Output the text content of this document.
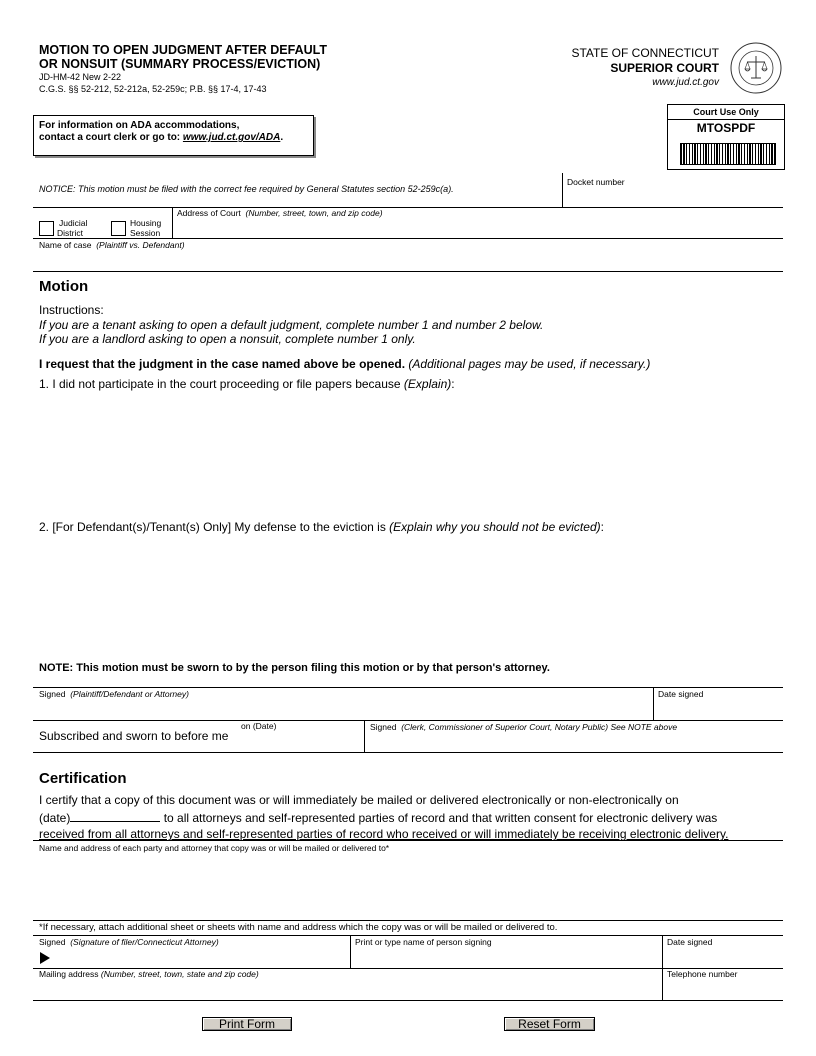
MOTION TO OPEN JUDGMENT AFTER DEFAULT
OR NONSUIT (SUMMARY PROCESS/EVICTION)
JD-HM-42 New 2-22
C.G.S. §§ 52-212, 52-212a, 52-259c; P.B. §§ 17-4, 17-43
STATE OF CONNECTICUT
SUPERIOR COURT
www.jud.ct.gov
Court Use Only
MTOSPDF
For information on ADA accommodations,
contact a court clerk or go to: www.jud.ct.gov/ADA.
NOTICE: This motion must be filed with the correct fee required by General Statutes section 52-259c(a).
Docket number
Judicial
District
Housing
Session
Address of Court (Number, street, town, and zip code)
Name of case (Plaintiff vs. Defendant)
Motion
Instructions:
If you are a tenant asking to open a default judgment, complete number 1 and number 2 below.
If you are a landlord asking to open a nonsuit, complete number 1 only.
I request that the judgment in the case named above be opened. (Additional pages may be used, if necessary.)
1. I did not participate in the court proceeding or file papers because (Explain):
2. [For Defendant(s)/Tenant(s) Only] My defense to the eviction is (Explain why you should not be evicted):
NOTE: This motion must be sworn to by the person filing this motion or by that person's attorney.
Signed (Plaintiff/Defendant or Attorney)	Date signed
Subscribed and sworn to before me
on (Date)	Signed (Clerk, Commissioner of Superior Court, Notary Public) See NOTE above
Certification
I certify that a copy of this document was or will immediately be mailed or delivered electronically or non-electronically on
(date)	to all attorneys and self-represented parties of record and that written consent for electronic delivery was
received from all attorneys and self-represented parties of record who received or will immediately be receiving electronic delivery.
Name and address of each party and attorney that copy was or will be mailed or delivered to*
*If necessary, attach additional sheet or sheets with name and address which the copy was or will be mailed or delivered to.
Signed (Signature of filer/Connecticut Attorney)	Print or type name of person signing	Date signed
Mailing address (Number, street, town, state and zip code)	Telephone number
Print Form	Reset Form
